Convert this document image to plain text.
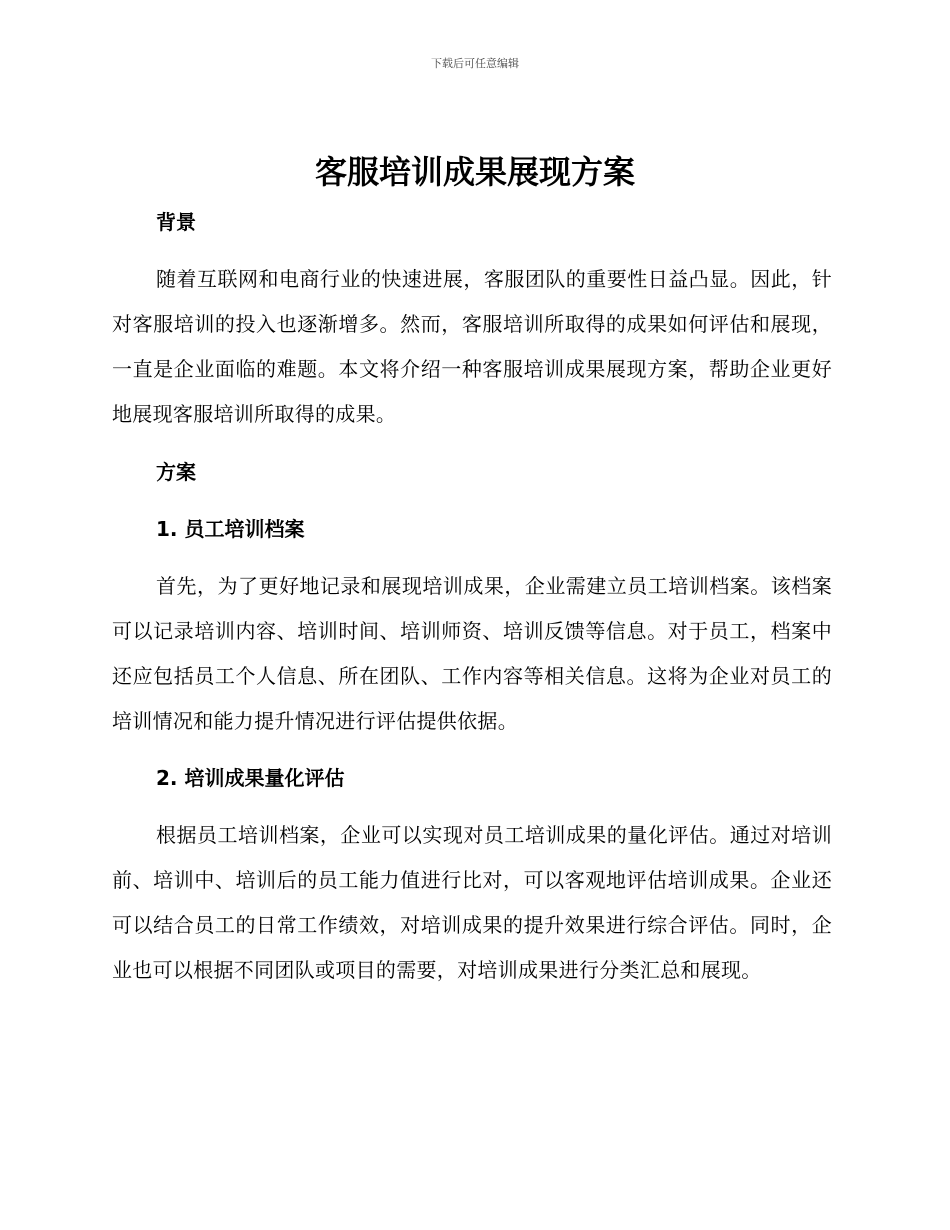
下载后可任意编辑
客服培训成果展现方案
背景

随着互联网和电商行业的快速进展，客服团队的重要性日益凸显。因此，针对客服培训的投入也逐渐增多。然而，客服培训所取得的成果如何评估和展现，一直是企业面临的难题。本文将介绍一种客服培训成果展现方案，帮助企业更好地展现客服培训所取得的成果。

方案
1. 员工培训档案

首先，为了更好地记录和展现培训成果，企业需建立员工培训档案。该档案可以记录培训内容、培训时间、培训师资、培训反馈等信息。对于员工，档案中还应包括员工个人信息、所在团队、工作内容等相关信息。这将为企业对员工的培训情况和能力提升情况进行评估提供依据。

2. 培训成果量化评估

根据员工培训档案，企业可以实现对员工培训成果的量化评估。通过对培训前、培训中、培训后的员工能力值进行比对，可以客观地评估培训成果。企业还可以结合员工的日常工作绩效，对培训成果的提升效果进行综合评估。同时，企业也可以根据不同团队或项目的需要，对培训成果进行分类汇总和展现。
